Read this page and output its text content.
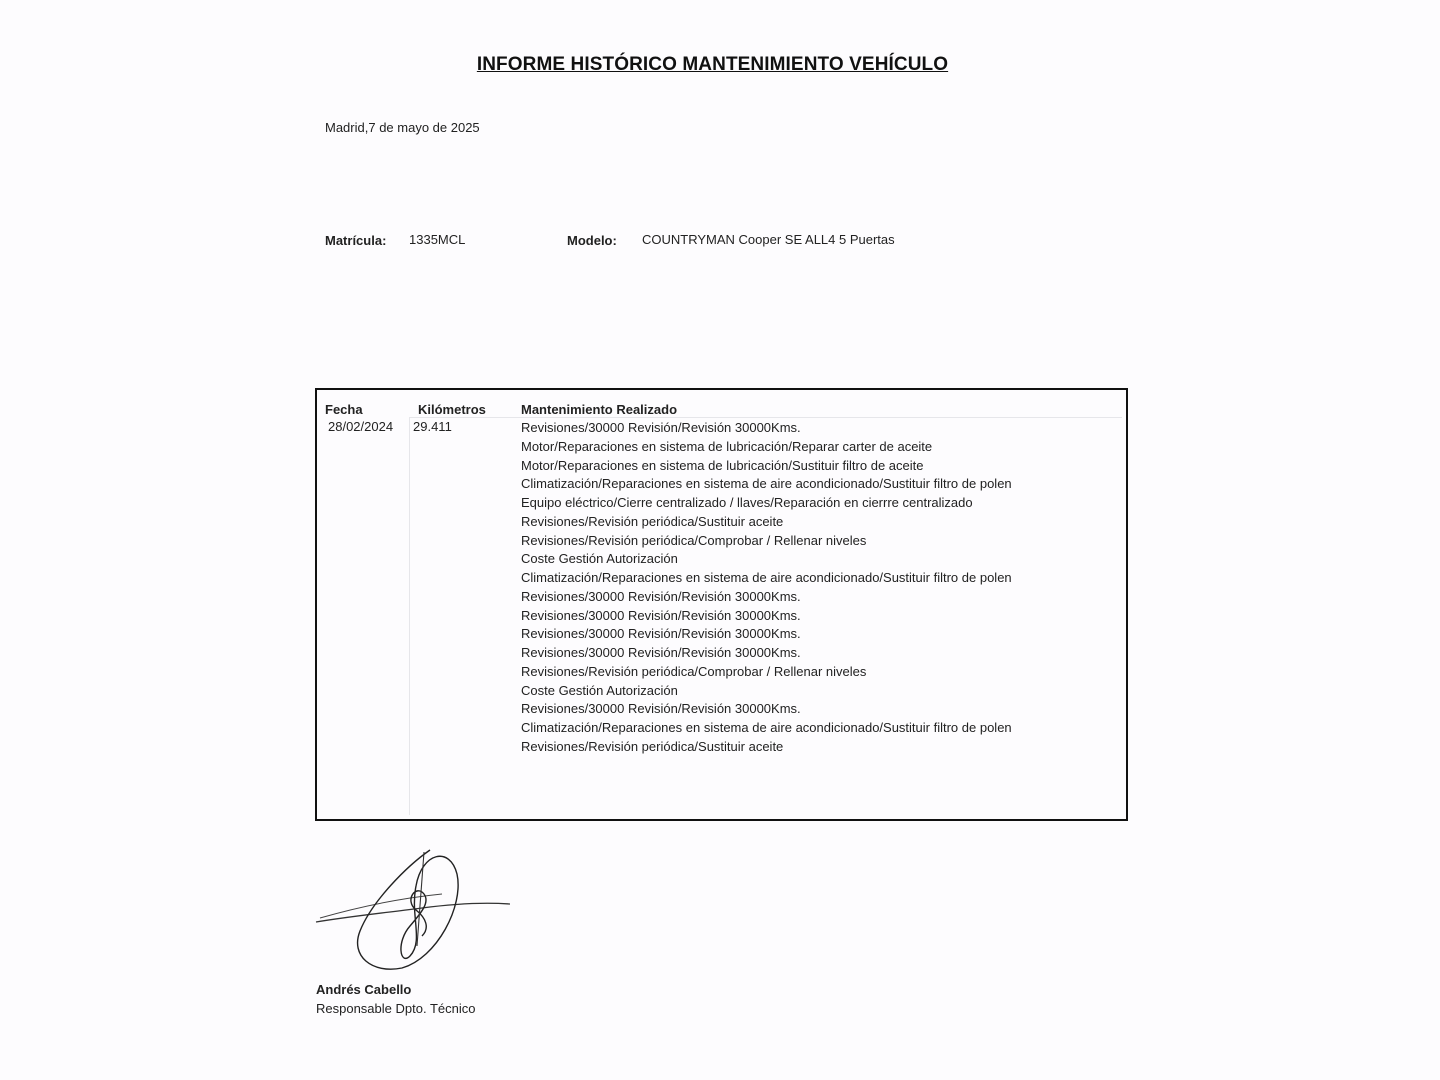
INFORME HISTÓRICO MANTENIMIENTO VEHÍCULO
Madrid,7 de mayo de 2025
Matrícula: 1335MCL	Modelo: COUNTRYMAN Cooper SE ALL4 5 Puertas
Fecha	Kilómetros	Mantenimiento Realizado
28/02/2024 29.411	Revisiones/30000 Revisión/Revisión 30000Kms.
Motor/Reparaciones en sistema de lubricación/Reparar carter de aceite
Motor/Reparaciones en sistema de lubricación/Sustituir filtro de aceite
Climatización/Reparaciones en sistema de aire acondicionado/Sustituir filtro de polen
Equipo eléctrico/Cierre centralizado / llaves/Reparación en cierrre centralizado
Revisiones/Revisión periódica/Sustituir aceite
Revisiones/Revisión periódica/Comprobar / Rellenar niveles
Coste Gestión Autorización
Climatización/Reparaciones en sistema de aire acondicionado/Sustituir filtro de polen
Revisiones/30000 Revisión/Revisión 30000Kms.
Revisiones/30000 Revisión/Revisión 30000Kms.
Revisiones/30000 Revisión/Revisión 30000Kms.
Revisiones/30000 Revisión/Revisión 30000Kms.
Revisiones/Revisión periódica/Comprobar / Rellenar niveles
Coste Gestión Autorización
Revisiones/30000 Revisión/Revisión 30000Kms.
Climatización/Reparaciones en sistema de aire acondicionado/Sustituir filtro de polen
Revisiones/Revisión periódica/Sustituir aceite
Andrés Cabello
Responsable Dpto. Técnico
